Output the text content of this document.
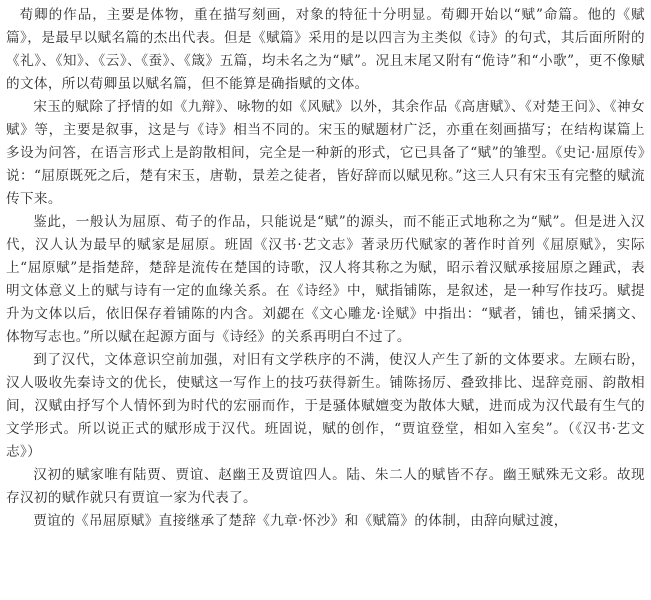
荀卿的作品，主要是体物，重在描写刻画，对象的特征十分明显。荀卿开始以“赋”命篇。他的《赋篇》，是最早以赋名篇的杰出代表。但是《赋篇》采用的是以四言为主类似《诗》的句式，其后面所附的《礼》、《知》、《云》、《蚕》、《箴》五篇，均未名之为“赋”。况且末尾又附有“佹诗”和“小歌”，更不像赋的文体，所以荀卿虽以赋名篇，但不能算是确指赋的文体。

宋玉的赋除了抒情的如《九辩》、咏物的如《风赋》以外，其余作品《高唐赋》、《对楚王问》、《神女赋》等，主要是叙事，这是与《诗》相当不同的。宋玉的赋题材广泛，亦重在刻画描写；在结构谋篇上多设为问答，在语言形式上是韵散相间，完全是一种新的形式，它已具备了“赋”的雏型。《史记·屈原传》说：“屈原既死之后，楚有宋玉，唐勒，景差之徒者，皆好辞而以赋见称。”这三人只有宋玉有完整的赋流传下来。

鉴此，一般认为屈原、荀子的作品，只能说是“赋”的源头，而不能正式地称之为“赋”。但是进入汉代，汉人认为最早的赋家是屈原。班固《汉书·艺文志》著录历代赋家的著作时首列《屈原赋》，实际上“屈原赋”是指楚辞，楚辞是流传在楚国的诗歌，汉人将其称之为赋，昭示着汉赋承接屈原之踵武，表明文体意义上的赋与诗有一定的血缘关系。在《诗经》中，赋指铺陈，是叙述，是一种写作技巧。赋提升为文体以后，依旧保存着铺陈的内含。刘勰在《文心雕龙·诠赋》中指出：“赋者，铺也，铺采摛文、体物写志也。”所以赋在起源方面与《诗经》的关系再明白不过了。

到了汉代，文体意识空前加强，对旧有文学秩序的不满，使汉人产生了新的文体要求。左顾右盼，汉人吸收先秦诗文的优长，使赋这一写作上的技巧获得新生。铺陈扬厉、叠致排比、逞辞竞丽、韵散相间，汉赋由抒写个人情怀到为时代的宏丽而作，于是骚体赋嬗变为散体大赋，进而成为汉代最有生气的文学形式。所以说正式的赋形成于汉代。班固说，赋的创作，“贾谊登堂，相如入室矣”。（《汉书·艺文志》）

汉初的赋家唯有陆贾、贾谊、赵幽王及贾谊四人。陆、朱二人的赋皆不存。幽王赋殊无文彩。故现存汉初的赋作就只有贾谊一家为代表了。

贾谊的《吊屈原赋》直接继承了楚辞《九章·怀沙》和《赋篇》的体制，由辞向赋过渡，
